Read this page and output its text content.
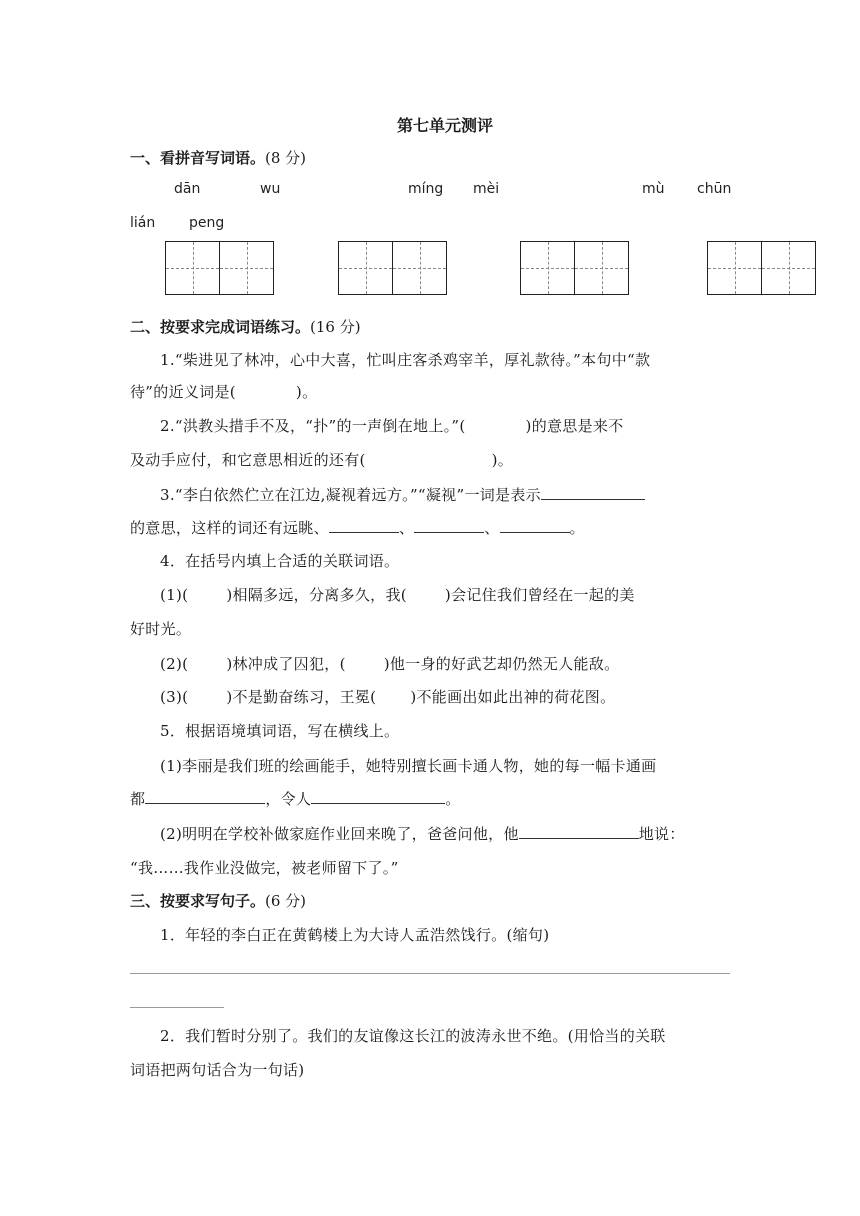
第七单元测评
一、看拼音写词语。(8 分)
dān	wu	míng mèi	mù chūn
lián peng
二、按要求完成词语练习。(16 分)
1.“柴进见了林冲，心中大喜，忙叫庄客杀鸡宰羊，厚礼款待。”本句中“款
待”的近义词是(	)。
2.“洪教头措手不及，“扑”的一声倒在地上。”(	)的意思是来不
及动手应付，和它意思相近的还有(	)。
3.“李白依然伫立在江边,凝视着远方。”“凝视”一词是表示
的意思，这样的词还有远眺、	、	、	。
4．在括号内填上合适的关联词语。
(1)(	)相隔多远，分离多久，我(	)会记住我们曾经在一起的美
好时光。
(2)(	)林冲成了囚犯，(	)他一身的好武艺却仍然无人能敌。
(3)(	)不是勤奋练习，王冕( )不能画出如此出神的荷花图。
5．根据语境填词语，写在横线上。
(1)李丽是我们班的绘画能手，她特别擅长画卡通人物，她的每一幅卡通画
都	，令人	。
(2)明明在学校补做家庭作业回来晚了，爸爸问他，他	地说：
“我……我作业没做完，被老师留下了。”
三、按要求写句子。(6 分)
1．年轻的李白正在黄鹤楼上为大诗人孟浩然饯行。(缩句)
2．我们暂时分别了。我们的友谊像这长江的波涛永世不绝。(用恰当的关联
词语把两句话合为一句话)
